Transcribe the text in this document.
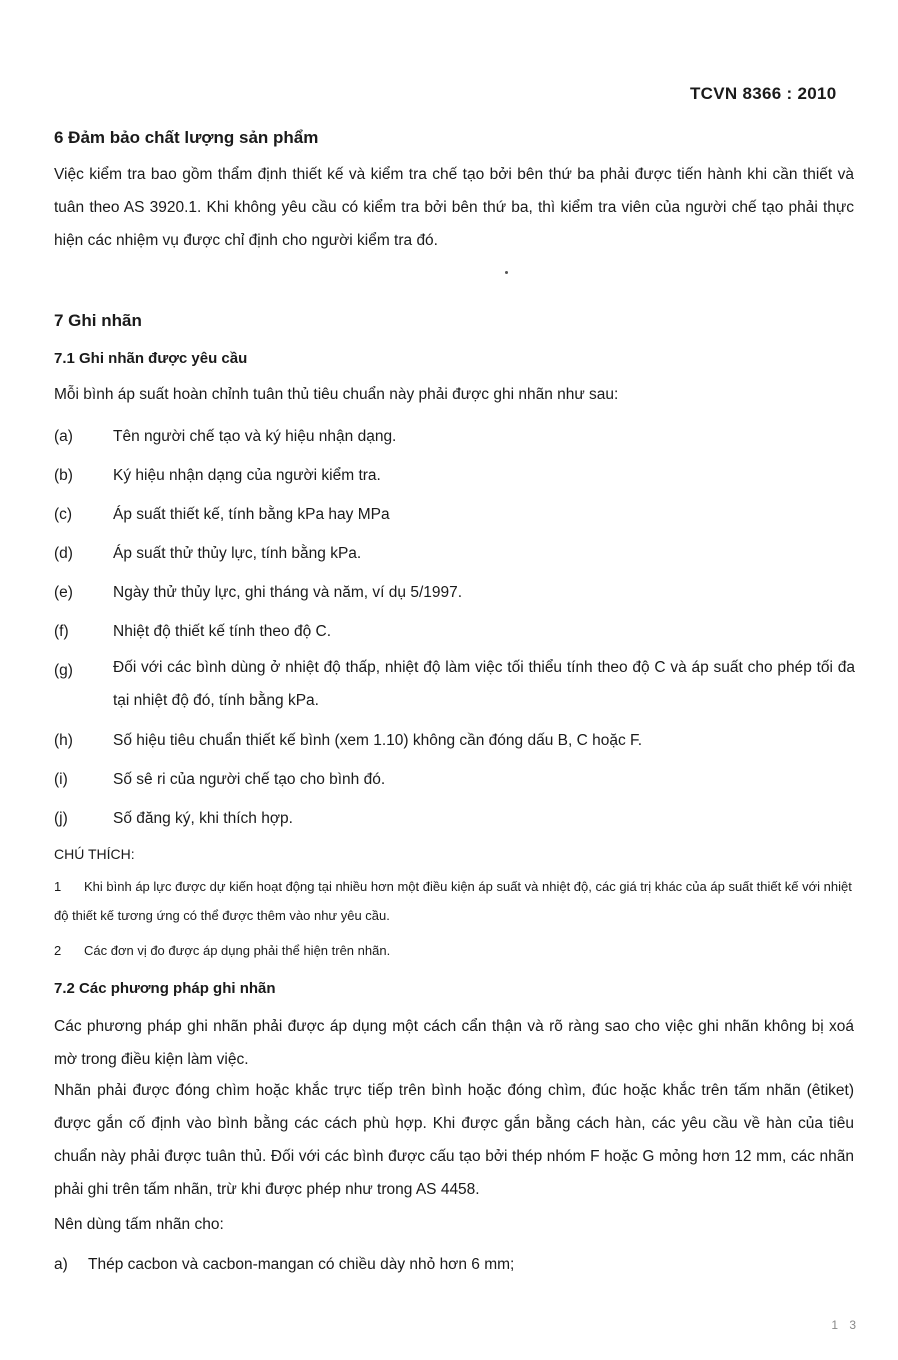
TCVN 8366 : 2010
6 Đảm bảo chất lượng sản phẩm
Việc kiểm tra bao gồm thẩm định thiết kế và kiểm tra chế tạo bởi bên thứ ba phải được tiến hành khi cần thiết và tuân theo AS 3920.1. Khi không yêu cầu có kiểm tra bởi bên thứ ba, thì kiểm tra viên của người chế tạo phải thực hiện các nhiệm vụ được chỉ định cho người kiểm tra đó.
7 Ghi nhãn
7.1 Ghi nhãn được yêu cầu
Mỗi bình áp suất hoàn chỉnh tuân thủ tiêu chuẩn này phải được ghi nhãn như sau:
(a)	Tên người chế tạo và ký hiệu nhận dạng.
(b)	Ký hiệu nhận dạng của người kiểm tra.
(c)	Áp suất thiết kế, tính bằng kPa hay MPa
(d)	Áp suất thử thủy lực, tính bằng kPa.
(e)	Ngày thử thủy lực, ghi tháng và năm, ví dụ 5/1997.
(f)	Nhiệt độ thiết kế tính theo độ C.
(g)	Đối với các bình dùng ở nhiệt độ thấp, nhiệt độ làm việc tối thiểu tính theo độ C và áp suất cho phép tối đa tại nhiệt độ đó, tính bằng kPa.
(h)	Số hiệu tiêu chuẩn thiết kế bình (xem 1.10) không cần đóng dấu B, C hoặc F.
(i)	Số sê ri của người chế tạo cho bình đó.
(j)	Số đăng ký, khi thích hợp.
CHÚ THÍCH:
1 Khi bình áp lực được dự kiến hoạt động tại nhiều hơn một điều kiện áp suất và nhiệt độ, các giá trị khác của áp suất thiết kế với nhiệt độ thiết kế tương ứng có thể được thêm vào như yêu cầu.
2 Các đơn vị đo được áp dụng phải thể hiện trên nhãn.
7.2 Các phương pháp ghi nhãn
Các phương pháp ghi nhãn phải được áp dụng một cách cẩn thận và rõ ràng sao cho việc ghi nhãn không bị xoá mờ trong điều kiện làm việc.
Nhãn phải được đóng chìm hoặc khắc trực tiếp trên bình hoặc đóng chìm, đúc hoặc khắc trên tấm nhãn (êtiket) được gắn cố định vào bình bằng các cách phù hợp. Khi được gắn bằng cách hàn, các yêu cầu về hàn của tiêu chuẩn này phải được tuân thủ. Đối với các bình được cấu tạo bởi thép nhóm F hoặc G mỏng hơn 12 mm, các nhãn phải ghi trên tấm nhãn, trừ khi được phép như trong AS 4458.
Nên dùng tấm nhãn cho:
a) Thép cacbon và cacbon-mangan có chiều dày nhỏ hơn 6 mm;
1 3
